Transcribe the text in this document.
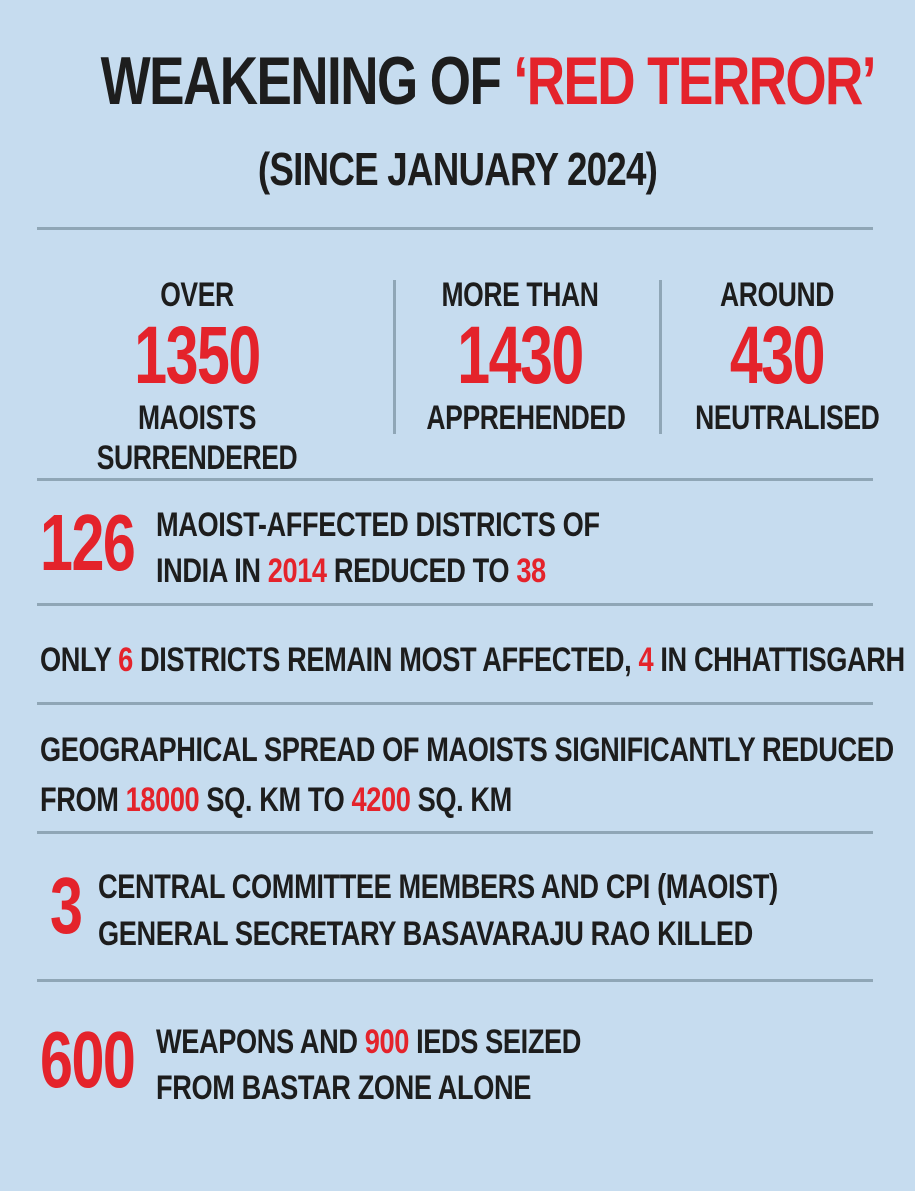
WEAKENING OF ‘RED TERROR’
(SINCE JANUARY 2024)
OVER
1350
MAOISTS SURRENDERED
MORE THAN
1430
APPREHENDED
AROUND
430
NEUTRALISED
126 MAOIST-AFFECTED DISTRICTS OF
INDIA IN 2014 REDUCED TO 38
ONLY 6 DISTRICTS REMAIN MOST AFFECTED, 4 IN CHHATTISGARH
GEOGRAPHICAL SPREAD OF MAOISTS SIGNIFICANTLY REDUCED
FROM 18000 SQ. KM TO 4200 SQ. KM
3 CENTRAL COMMITTEE MEMBERS AND CPI (MAOIST)
GENERAL SECRETARY BASAVARAJU RAO KILLED
600 WEAPONS AND 900 IEDS SEIZED
FROM BASTAR ZONE ALONE
